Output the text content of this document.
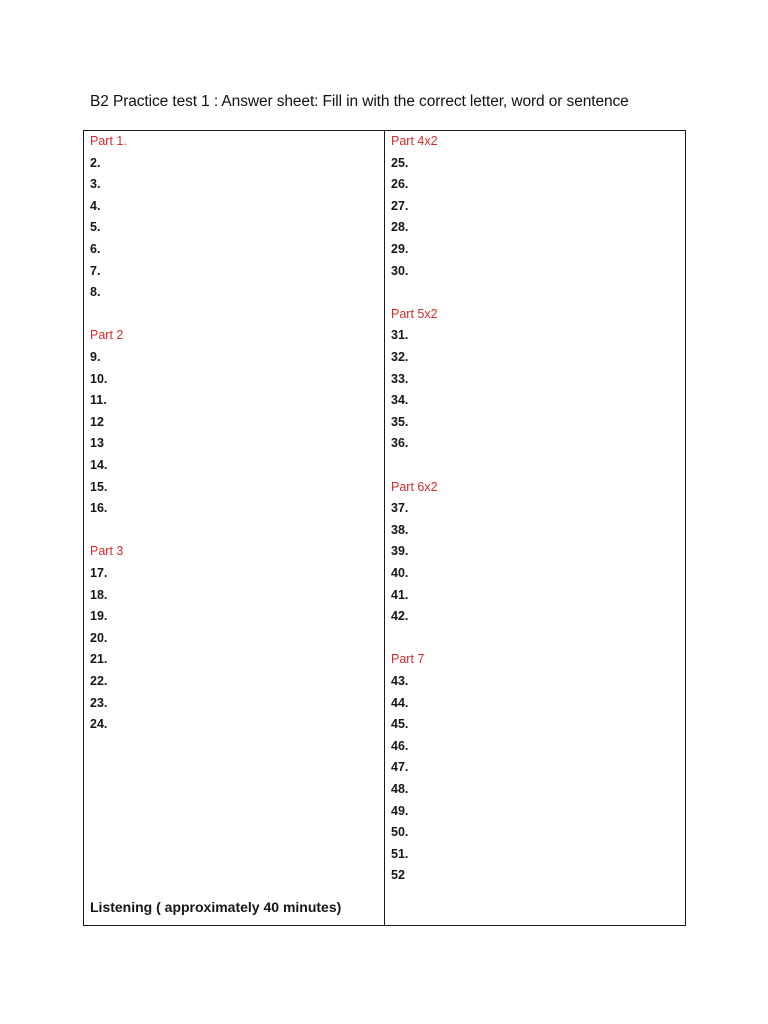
B2 Practice test 1 : Answer sheet: Fill in with the correct letter, word or sentence
Part 1.
2.
3.
4.
5.
6.
7.
8.
Part 2
9.
10.
11.
12
13
14.
15.
16.
Part 3
17.
18.
19.
20.
21.
22.
23.
24.
Part 4x2
25.
26.
27.
28.
29.
30.
Part 5x2
31.
32.
33.
34.
35.
36.
Part 6x2
37.
38.
39.
40.
41.
42.
Part 7
43.
44.
45.
46.
47.
48.
49.
50.
51.
52
Listening ( approximately 40 minutes)
